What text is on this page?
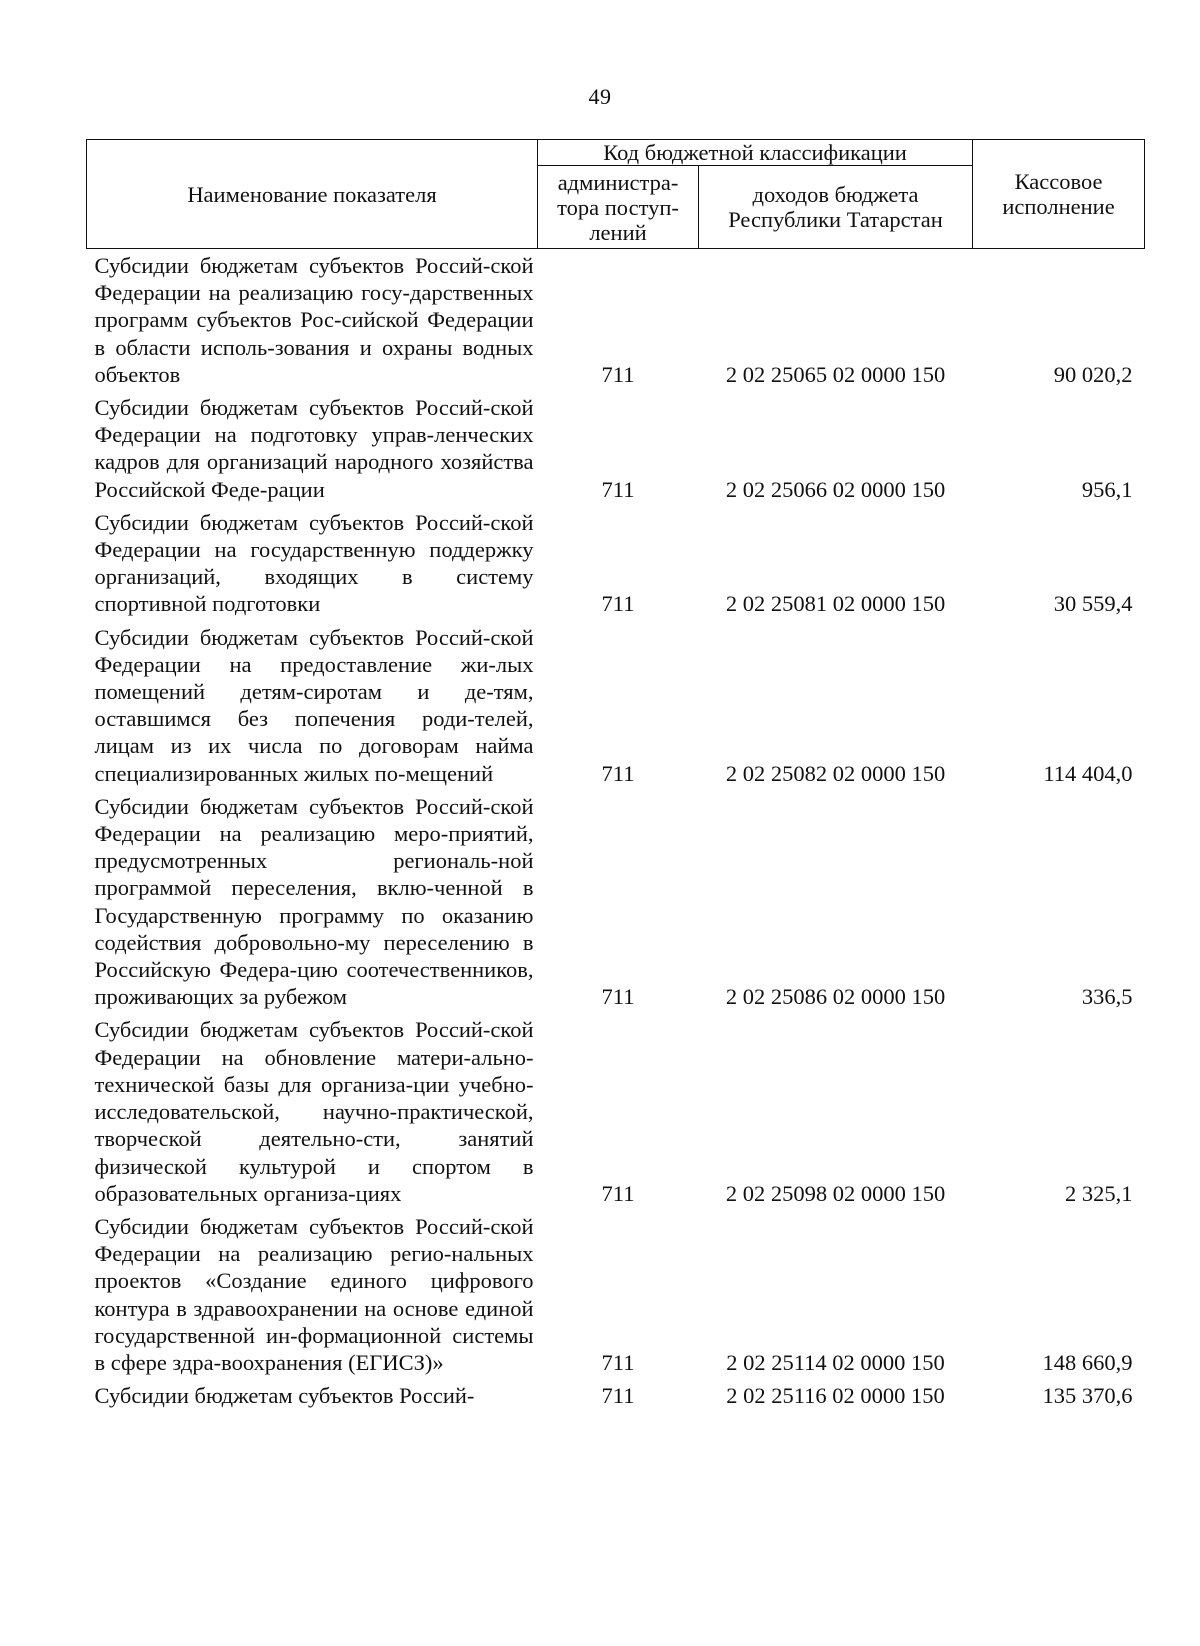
49
Наименование показателя	Код бюджетной классификации		Кассовое исполнение
	администра-тора поступ-лений	доходов бюджета Республики Татарстан	
Субсидии бюджетам субъектов Россий-ской Федерации на реализацию госу-дарственных программ субъектов Рос-сийской Федерации в области исполь-зования и охраны водных объектов	711	2 02 25065 02 0000 150	90 020,2
Субсидии бюджетам субъектов Россий-ской Федерации на подготовку управ-ленческих кадров для организаций народного хозяйства Российской Феде-рации	711	2 02 25066 02 0000 150	956,1
Субсидии бюджетам субъектов Россий-ской Федерации на государственную поддержку организаций, входящих в систему спортивной подготовки	711	2 02 25081 02 0000 150	30 559,4
Субсидии бюджетам субъектов Россий-ской Федерации на предоставление жи-лых помещений детям-сиротам и де-тям, оставшимся без попечения роди-телей, лицам из их числа по договорам найма специализированных жилых по-мещений	711	2 02 25082 02 0000 150	114 404,0
Субсидии бюджетам субъектов Россий-ской Федерации на реализацию меро-приятий, предусмотренных региональ-ной программой переселения, вклю-ченной в Государственную программу по оказанию содействия добровольно-му переселению в Российскую Федера-цию соотечественников, проживающих за рубежом	711	2 02 25086 02 0000 150	336,5
Субсидии бюджетам субъектов Россий-ской Федерации на обновление матери-ально-технической базы для организа-ции учебно-исследовательской, научно-практической, творческой деятельно-сти, занятий физической культурой и спортом в образовательных организа-циях	711	2 02 25098 02 0000 150	2 325,1
Субсидии бюджетам субъектов Россий-ской Федерации на реализацию регио-нальных проектов «Создание единого цифрового контура в здравоохранении на основе единой государственной ин-формационной системы в сфере здра-воохранения (ЕГИСЗ)»	711	2 02 25114 02 0000 150	148 660,9
Субсидии бюджетам субъектов Россий-	711	2 02 25116 02 0000 150	135 370,6
